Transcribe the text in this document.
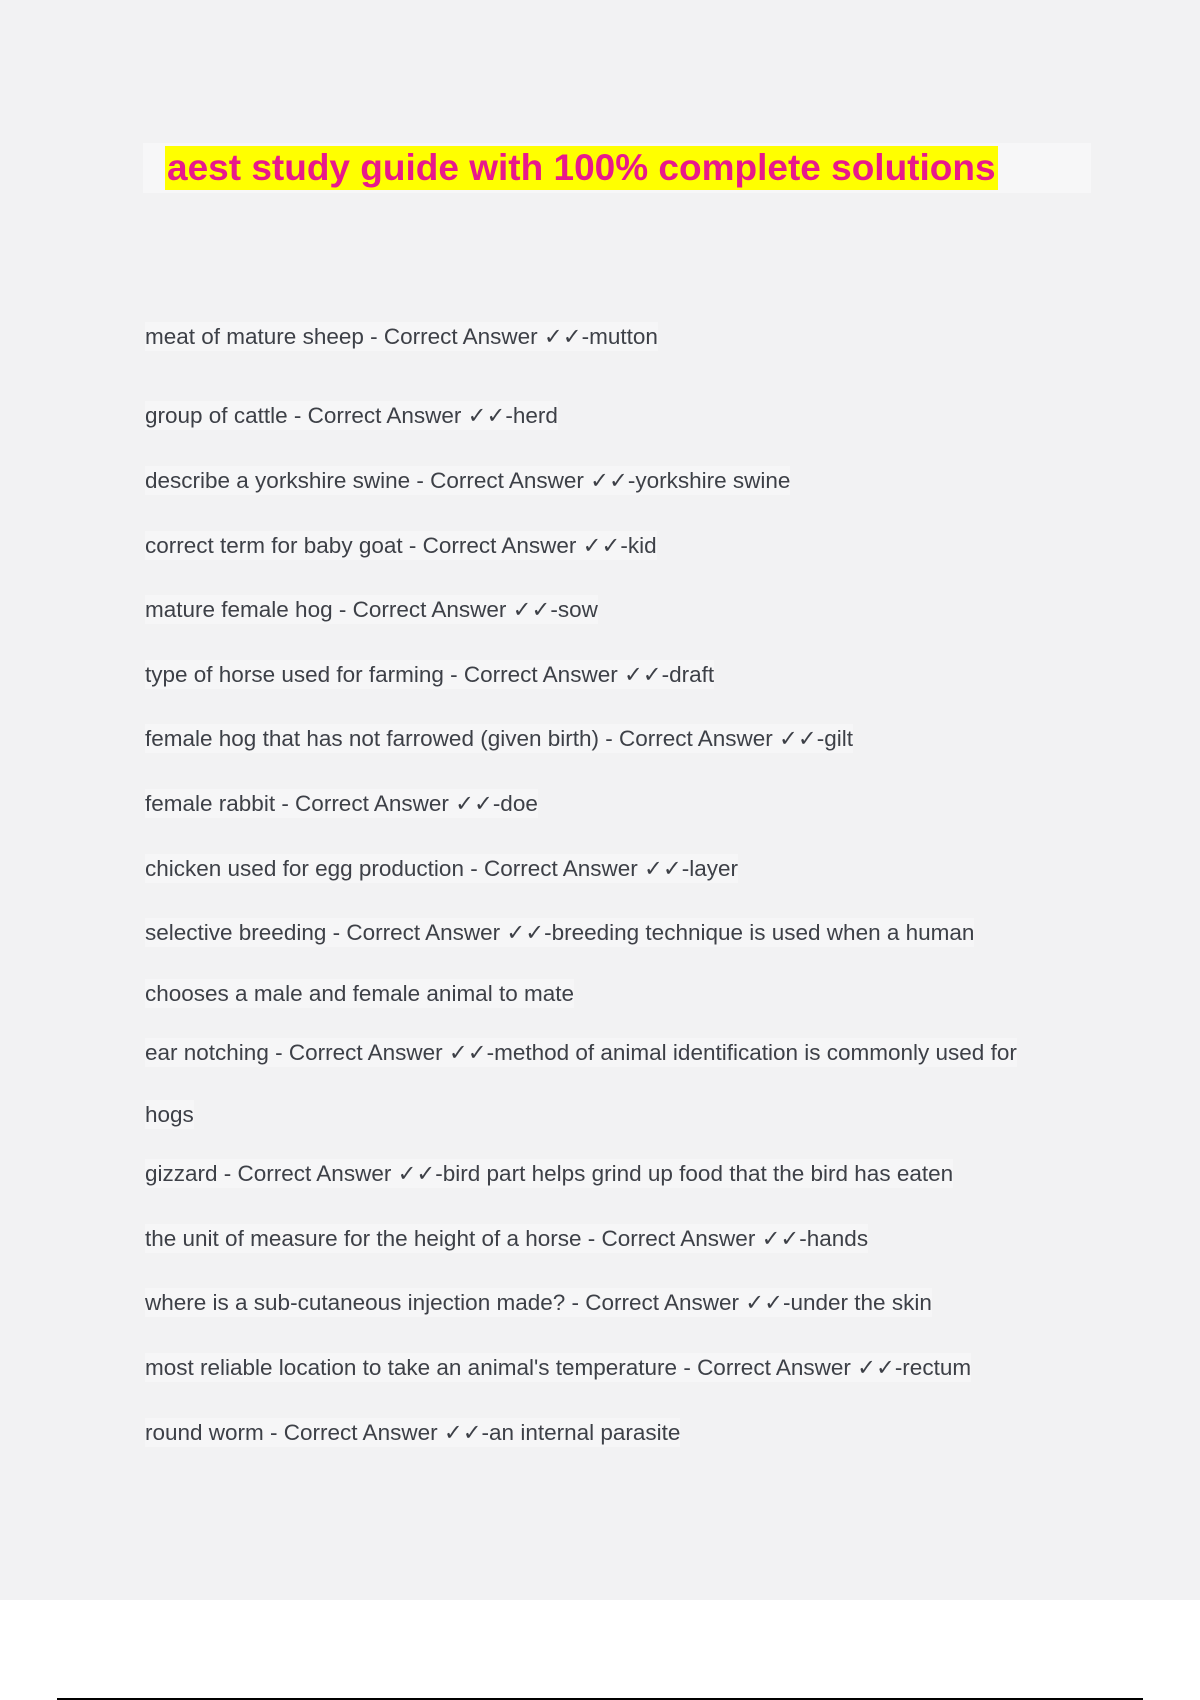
aest study guide with 100% complete solutions
meat of mature sheep - Correct Answer ✓✓-mutton
group of cattle - Correct Answer ✓✓-herd
describe a yorkshire swine - Correct Answer ✓✓-yorkshire swine
correct term for baby goat - Correct Answer ✓✓-kid
mature female hog - Correct Answer ✓✓-sow
type of horse used for farming - Correct Answer ✓✓-draft
female hog that has not farrowed (given birth) - Correct Answer ✓✓-gilt
female rabbit - Correct Answer ✓✓-doe
chicken used for egg production - Correct Answer ✓✓-layer
selective breeding - Correct Answer ✓✓-breeding technique is used when a human
chooses a male and female animal to mate
ear notching - Correct Answer ✓✓-method of animal identification is commonly used for
hogs
gizzard - Correct Answer ✓✓-bird part helps grind up food that the bird has eaten
the unit of measure for the height of a horse - Correct Answer ✓✓-hands
where is a sub-cutaneous injection made? - Correct Answer ✓✓-under the skin
most reliable location to take an animal's temperature - Correct Answer ✓✓-rectum
round worm - Correct Answer ✓✓-an internal parasite
